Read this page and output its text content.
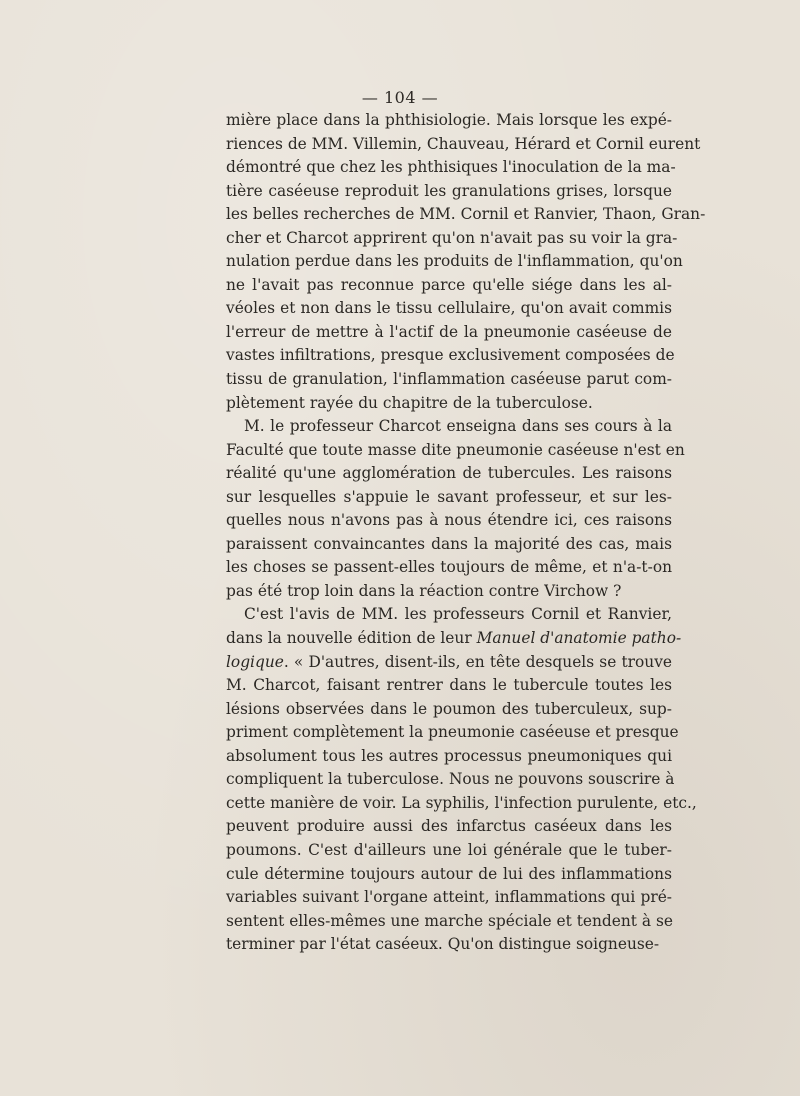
— 104 —
mière place dans la phthisiologie. Mais lorsque les expé-
riences de MM. Villemin, Chauveau, Hérard et Cornil eurent
démontré que chez les phthisiques l'inoculation de la ma-
tière caséeuse reproduit les granulations grises, lorsque
les belles recherches de MM. Cornil et Ranvier, Thaon, Gran-
cher et Charcot apprirent qu'on n'avait pas su voir la gra-
nulation perdue dans les produits de l'inflammation, qu'on
ne l'avait pas reconnue parce qu'elle siége dans les al-
véoles et non dans le tissu cellulaire, qu'on avait commis
l'erreur de mettre à l'actif de la pneumonie caséeuse de
vastes infiltrations, presque exclusivement composées de
tissu de granulation, l'inflammation caséeuse parut com-
plètement rayée du chapitre de la tuberculose.
M. le professeur Charcot enseigna dans ses cours à la
Faculté que toute masse dite pneumonie caséeuse n'est en
réalité qu'une agglomération de tubercules. Les raisons
sur lesquelles s'appuie le savant professeur, et sur les-
quelles nous n'avons pas à nous étendre ici, ces raisons
paraissent convaincantes dans la majorité des cas, mais
les choses se passent-elles toujours de même, et n'a-t-on
pas été trop loin dans la réaction contre Virchow ?
C'est l'avis de MM. les professeurs Cornil et Ranvier,
dans la nouvelle édition de leur Manuel d'anatomie patho-
logique. « D'autres, disent-ils, en tête desquels se trouve
M. Charcot, faisant rentrer dans le tubercule toutes les
lésions observées dans le poumon des tuberculeux, sup-
priment complètement la pneumonie caséeuse et presque
absolument tous les autres processus pneumoniques qui
compliquent la tuberculose. Nous ne pouvons souscrire à
cette manière de voir. La syphilis, l'infection purulente, etc.,
peuvent produire aussi des infarctus caséeux dans les
poumons. C'est d'ailleurs une loi générale que le tuber-
cule détermine toujours autour de lui des inflammations
variables suivant l'organe atteint, inflammations qui pré-
sentent elles-mêmes une marche spéciale et tendent à se
terminer par l'état caséeux. Qu'on distingue soigneuse-
